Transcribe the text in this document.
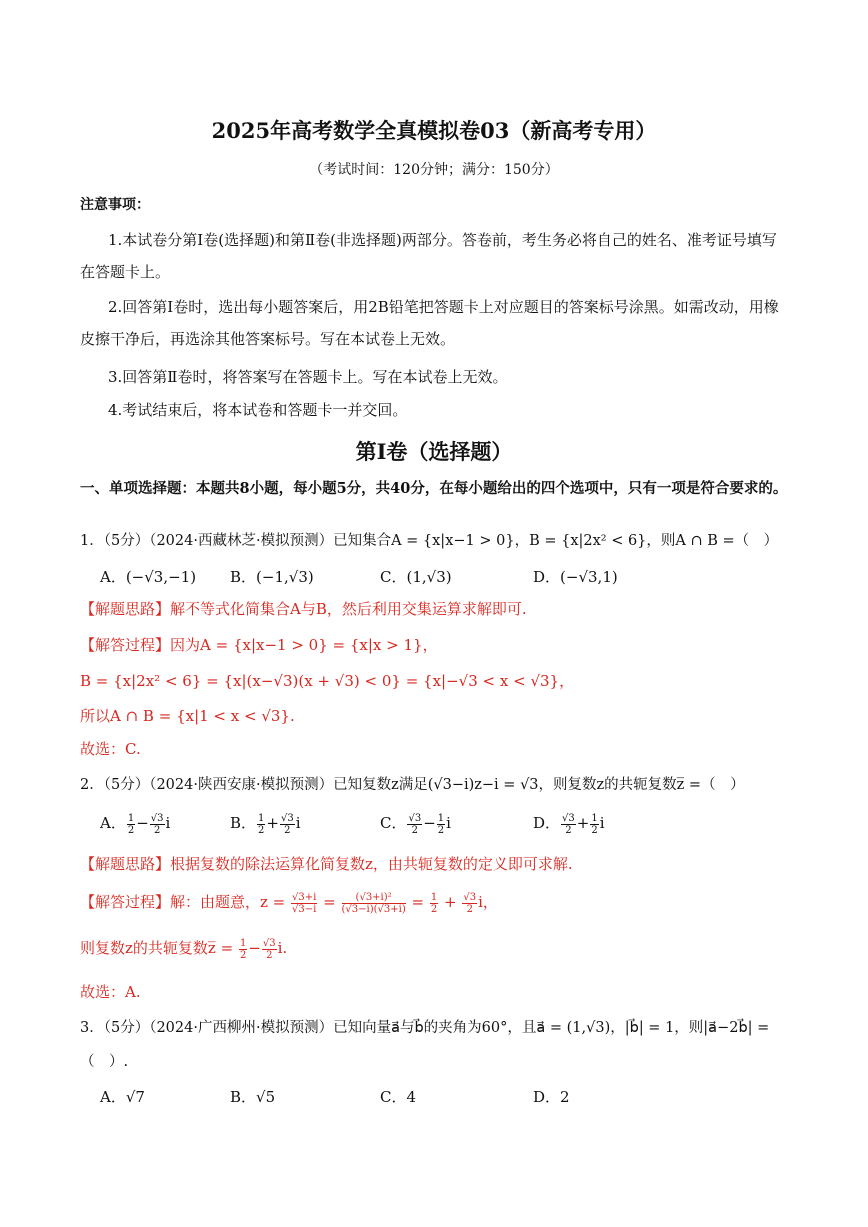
2025年高考数学全真模拟卷03（新高考专用）
（考试时间：120分钟；满分：150分）
注意事项：
1.本试卷分第Ⅰ卷(选择题)和第Ⅱ卷(非选择题)两部分。答卷前，考生务必将自己的姓名、准考证号填写在答题卡上。
2.回答第Ⅰ卷时，选出每小题答案后，用2B铅笔把答题卡上对应题目的答案标号涂黑。如需改动，用橡皮擦干净后，再选涂其他答案标号。写在本试卷上无效。
3.回答第Ⅱ卷时，将答案写在答题卡上。写在本试卷上无效。
4.考试结束后，将本试卷和答题卡一并交回。
第Ⅰ卷（选择题）
一、单项选择题：本题共8小题，每小题5分，共40分，在每小题给出的四个选项中，只有一项是符合要求的。
1．（5分）（2024·西藏林芝·模拟预测）已知集合A = {x|x−1 > 0}，B = {x|2x² < 6}，则A ∩ B =（　）
A．(−√3,−1) B．(−1,√3)	C．(1,√3)	D．(−√3,1)
【解题思路】解不等式化简集合A与B，然后利用交集运算求解即可.
【解答过程】因为A = {x|x−1 > 0} = {x|x > 1}，
B = {x|2x² < 6} = {x|(x−√3)(x + √3) < 0} = {x|−√3 < x < √3}，
所以A ∩ B = {x|1 < x < √3}.
故选：C.
2．（5分）（2024·陕西安康·模拟预测）已知复数z满足(√3−i)z−i = √3，则复数z的共轭复数z̅ =（　）
A． $\frac{1}{2} - \frac{√3}{2}$ i	B． $\frac{1}{2} + \frac{√3}{2}$ i	C． $\frac{√3}{2} - \frac{1}{2}$ i	D． $\frac{√3}{2} + \frac{1}{2}$ i
【解题思路】根据复数的除法运算化简复数z，由共轭复数的定义即可求解.
【解答过程】解：由题意，$z = \frac{√3+i}{√3-i} = \frac{\text{(√3+i)²}}{(√3-i)(√3+i)} = \frac{1}{2} + \frac{√3}{2}$ i，
则复数z的共轭复数z̅ = $\frac{1}{2} - \frac{√3}{2} i$.
故选：A.
3．（5分）（2024·广西柳州·模拟预测）已知向量a⃗与b⃗的夹角为60°，且a⃗ = (1,√3)，|b⃗| = 1，则|a⃗−2b⃗| =
（　）.
A．√7	B．√5	C．4	D．2
